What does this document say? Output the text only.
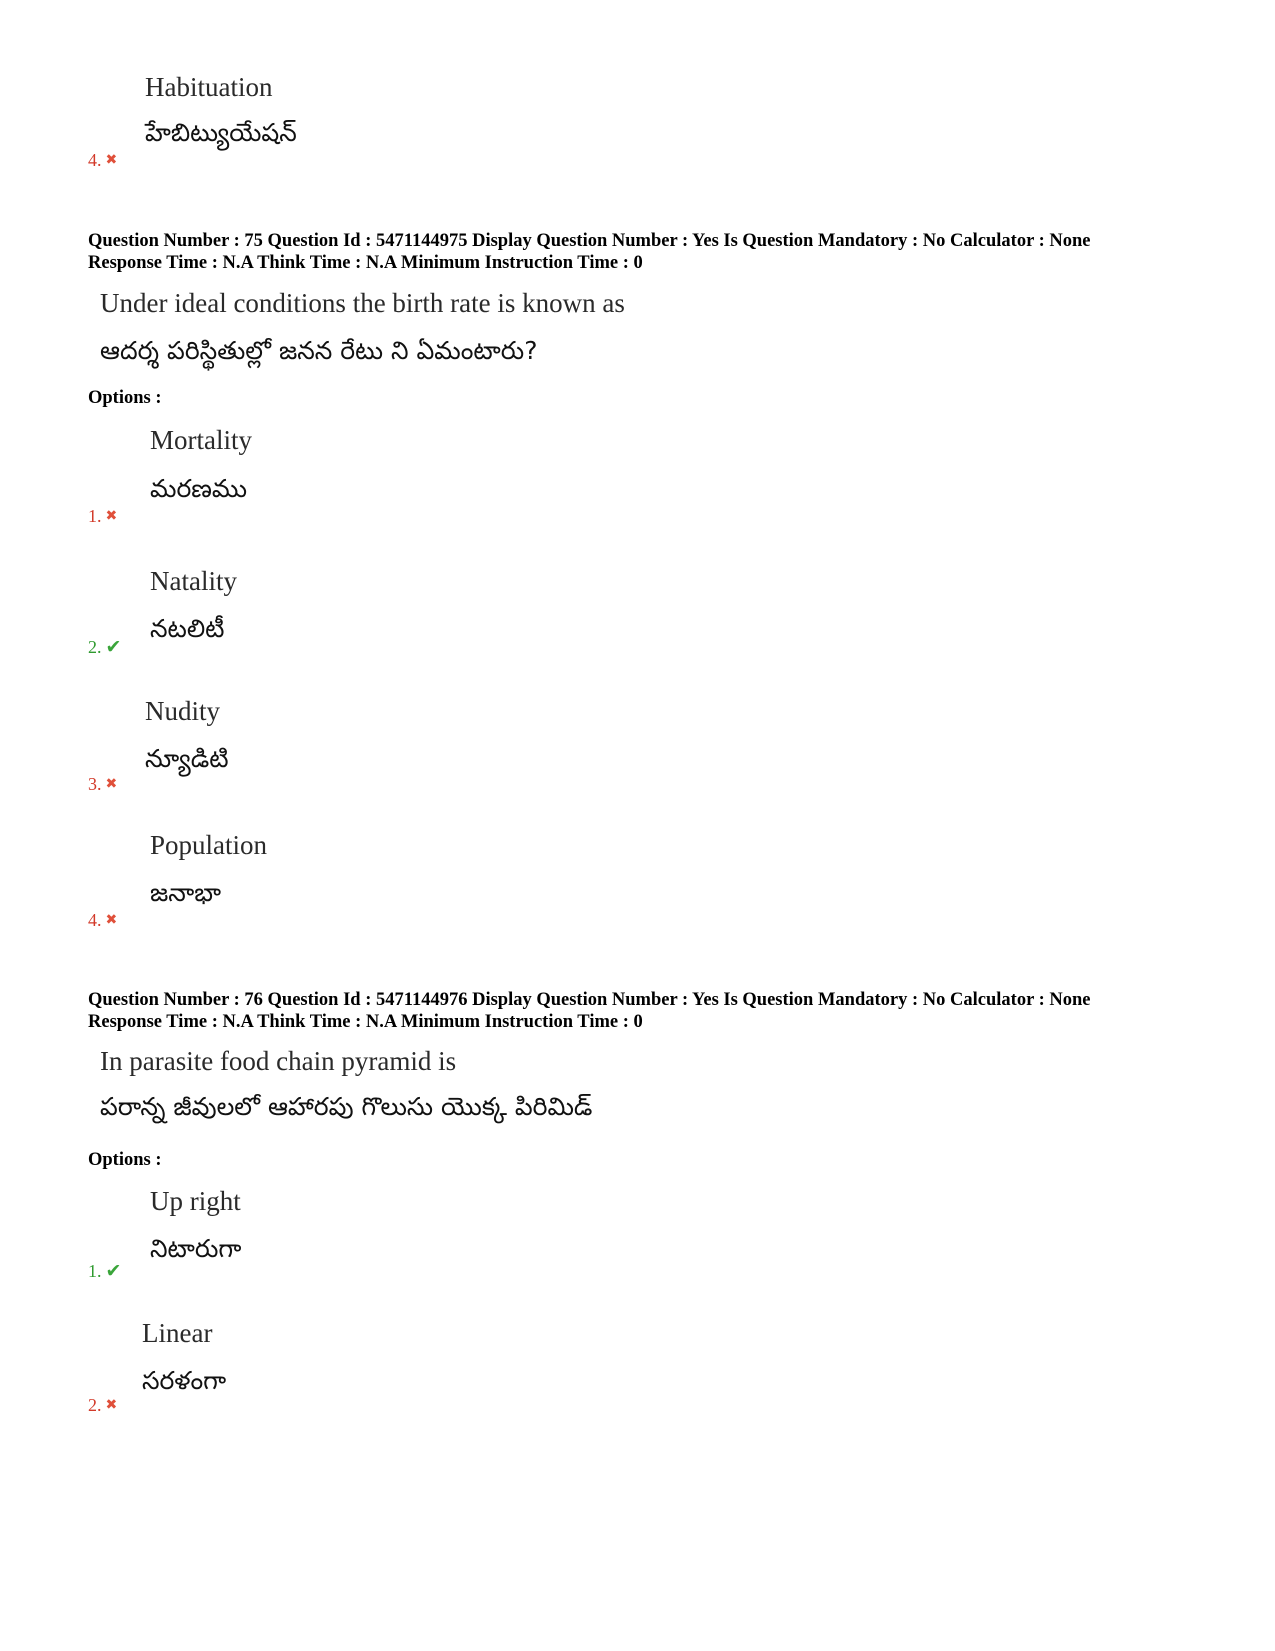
Habituation
హేబిట్యుయేషన్
4. ✖
Question Number : 75 Question Id : 5471144975 Display Question Number : Yes Is Question Mandatory : No Calculator : None
Response Time : N.A Think Time : N.A Minimum Instruction Time : 0
Under ideal conditions the birth rate is known as
ఆదర్శ పరిస్థితుల్లో జనన రేటు ని ఏమంటారు?
Options :
Mortality
మరణము
1. ✖
Natality
నటలిటీ
2. ✔
Nudity
న్యూడిటి
3. ✖
Population
జనాభా
4. ✖
Question Number : 76 Question Id : 5471144976 Display Question Number : Yes Is Question Mandatory : No Calculator : None
Response Time : N.A Think Time : N.A Minimum Instruction Time : 0
In parasite food chain pyramid is
పరాన్న జీవులలో ఆహారపు గొలుసు యొక్క పిరిమిడ్
Options :
Up right
నిటారుగా
1. ✔
Linear
సరళంగా
2. ✖
